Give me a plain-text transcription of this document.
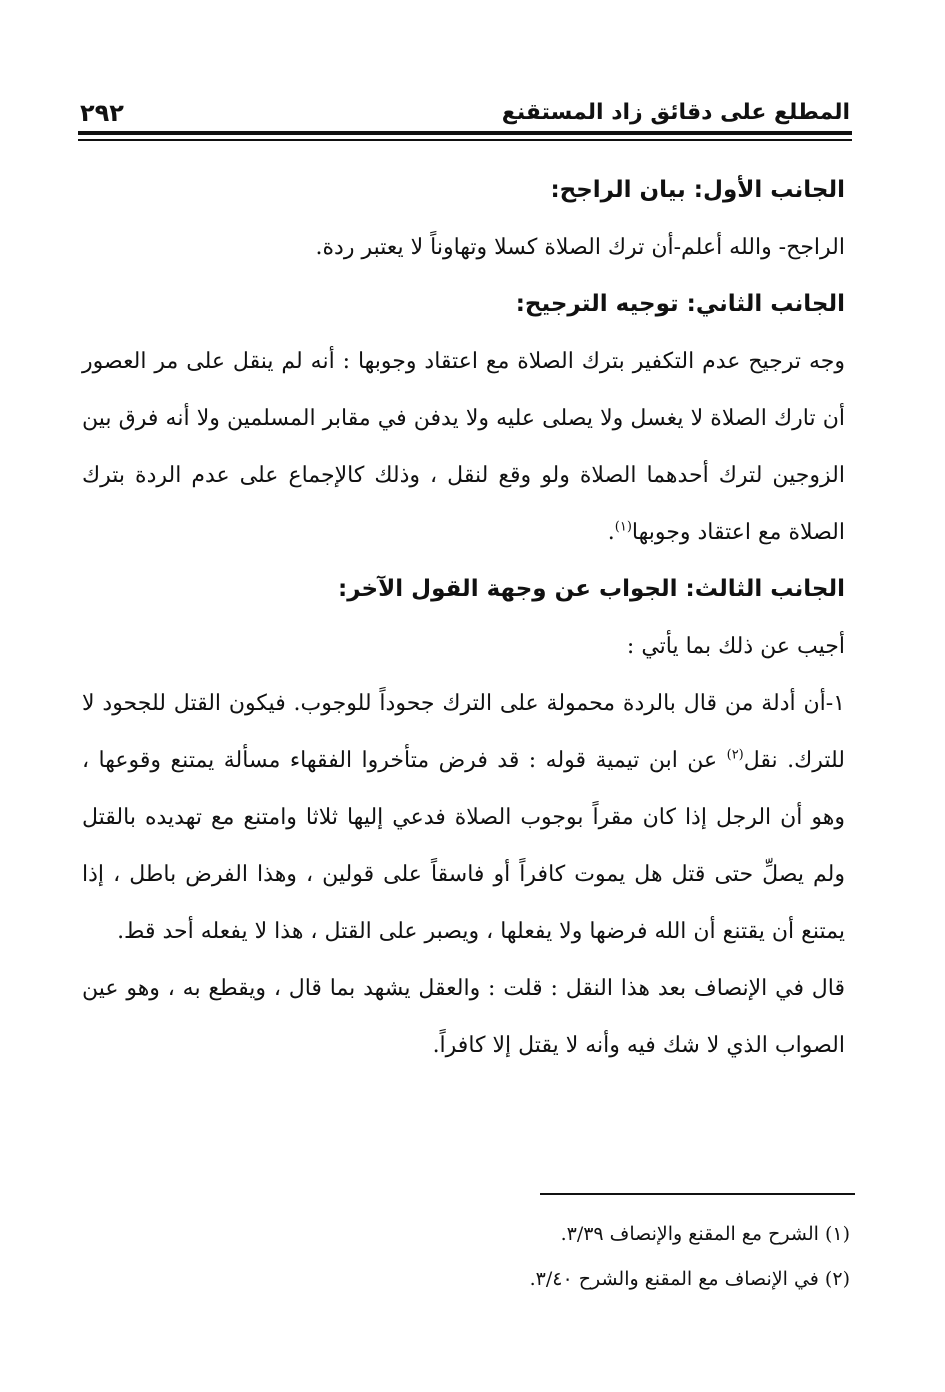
المطلع على دقائق زاد المستقنع
٢٩٢

الجانب الأول: بيان الراجح:

الراجح- والله أعلم-أن ترك الصلاة كسلا وتهاوناً لا يعتبر ردة.

الجانب الثاني: توجيه الترجيح:

وجه ترجيح عدم التكفير بترك الصلاة مع اعتقاد وجوبها : أنه لم ينقل على مر العصور أن تارك الصلاة لا يغسل ولا يصلى عليه ولا يدفن في مقابر المسلمين ولا أنه فرق بين الزوجين لترك أحدهما الصلاة ولو وقع لنقل ، وذلك كالإجماع على عدم الردة بترك الصلاة مع اعتقاد وجوبها$^{(١)}$.

الجانب الثالث: الجواب عن وجهة القول الآخر:

أجيب عن ذلك بما يأتي :

١-أن أدلة من قال بالردة محمولة على الترك جحوداً للوجوب. فيكون القتل للجحود لا للترك. نقل$^{(٢)}$ عن ابن تيمية قوله : قد فرض متأخروا الفقهاء مسألة يمتنع وقوعها ، وهو أن الرجل إذا كان مقراً بوجوب الصلاة فدعي إليها ثلاثا وامتنع مع تهديده بالقتل ولم يصلِّ حتى قتل هل يموت كافراً أو فاسقاً على قولين ، وهذا الفرض باطل ، إذا يمتنع أن يقتنع أن الله فرضها ولا يفعلها ، ويصبر على القتل ، هذا لا يفعله أحد قط.

قال في الإنصاف بعد هذا النقل : قلت : والعقل يشهد بما قال ، ويقطع به ، وهو عين الصواب الذي لا شك فيه وأنه لا يقتل إلا كافراً.

(١) الشرح مع المقنع والإنصاف ٣/٣٩.

(٢) في الإنصاف مع المقنع والشرح ٣/٤٠.
